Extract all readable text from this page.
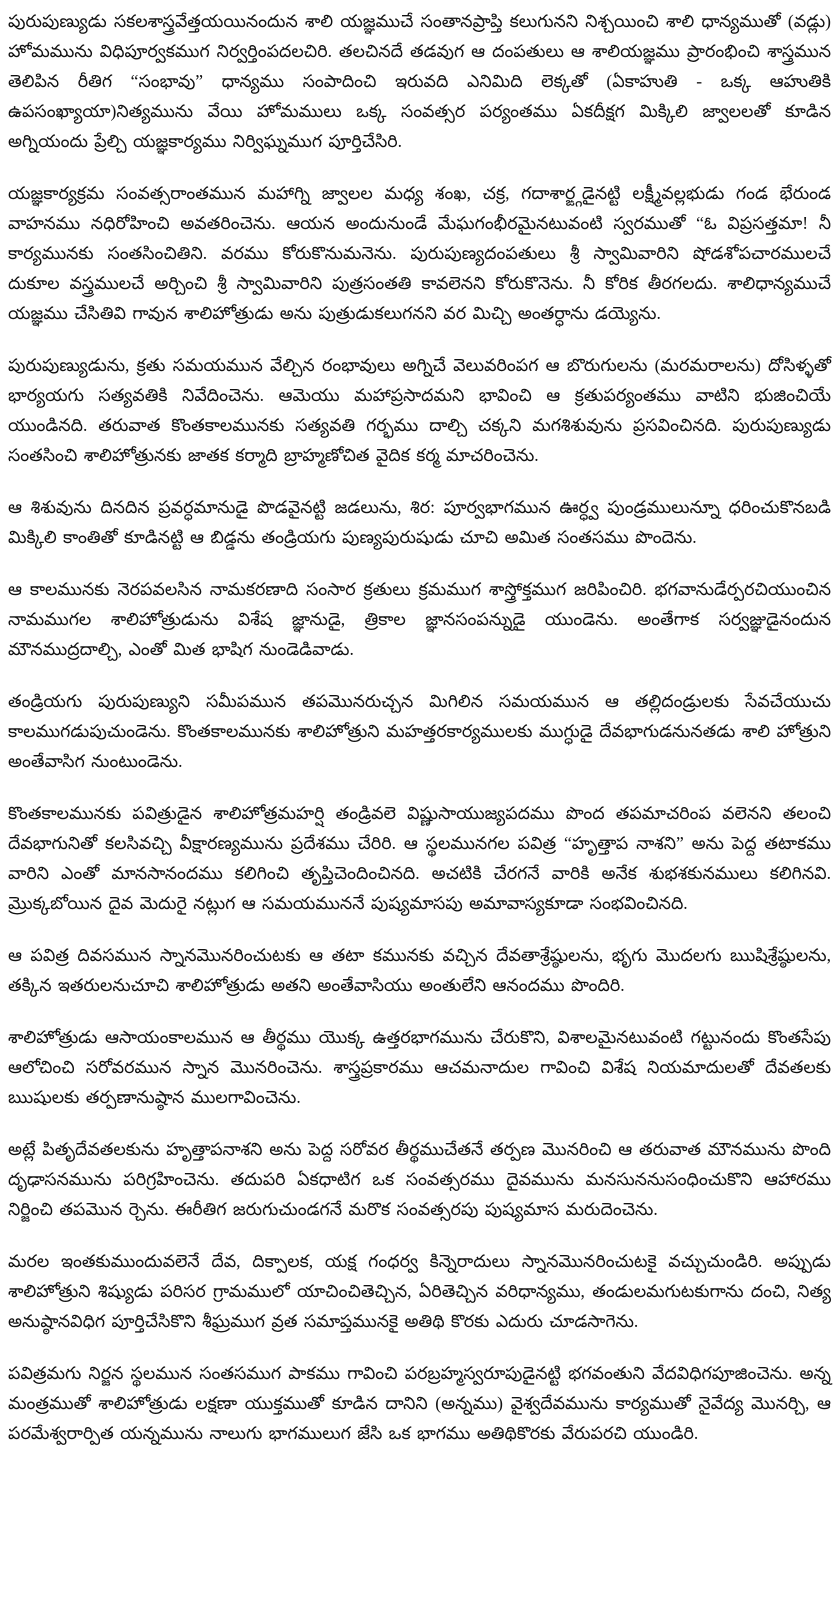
పురుపుణ్యుడు సకలశాస్త్రవేత్తయయినందున శాలి యజ్ఞముచే సంతానప్రాప్తి కలుగునని నిశ్చయించి శాలి ధాన్యముతో (వడ్లు) హోమమును విధిపూర్వకముగ నిర్వర్తింపదలచిరి. తలచినదే తడవుగ ఆ దంపతులు ఆ శాలియజ్ఞము ప్రారంభించి శాస్త్రమున తెలిపిన రీతిగ “సంభావు” ధాన్యము సంపాదించి ఇరువది ఎనిమిది లెక్కతో (ఏకాహుతి - ఒక్క ఆహుతికి ఉపసంఖ్యాయా)నిత్యమును వేయి హోమములు ఒక్క సంవత్సర పర్యంతము ఏకదీక్షగ మిక్కిలి జ్వాలలతో కూడిన అగ్నియందు ప్రేల్చి యజ్ఞకార్యము నిర్విఘ్నముగ పూర్తిచేసిరి.

యజ్ఞకార్యక్రమ సంవత్సరాంతమున మహాగ్ని జ్వాలల మధ్య శంఖ, చక్ర, గదాశార్ఙ్గడైనట్టి లక్ష్మీవల్లభుడు గండ భేరుండ వాహనము నధిరోహించి అవతరించెను. ఆయన అందునుండే మేఘగంభీరమైనటువంటి స్వరముతో “ఓ విప్రసత్తమా! నీ కార్యమునకు సంతసించితిని. వరము కోరుకొనుమనెను. పురుపుణ్యదంపతులు శ్రీ స్వామివారిని షోడశోపచారములచే దుకూల వస్త్రములచే అర్చించి శ్రీ స్వామివారిని పుత్రసంతతి కావలెనని కోరుకొనెను. నీ కోరిక తీరగలదు. శాలిధాన్యముచే యజ్ఞము చేసితివి గావున శాలిహోత్రుడు అను పుత్రుడుకలుగనని వర మిచ్చి అంతర్ధాను డయ్యెను.

పురుపుణ్యుడును, క్రతు సమయమున వేల్చిన రంభావులు అగ్నిచే వెలువరింపగ ఆ బొరుగులను (మరమరాలను) దోసిళ్ళతో భార్యయగు సత్యవతికి నివేదించెను. ఆమెయు మహాప్రసాదమని భావించి ఆ క్రతుపర్యంతము వాటిని భుజించియే యుండినది. తరువాత కొంతకాలమునకు సత్యవతి గర్భము దాల్చి చక్కని మగశిశువును ప్రసవించినది. పురుపుణ్యుడు సంతసించి శాలిహోత్రునకు జాతక కర్మాది బ్రాహ్మణోచిత వైదిక కర్మ మాచరించెను.

ఆ శిశువును దినదిన ప్రవర్ధమానుడై పొడవైనట్టి జడలును, శిర: పూర్వభాగమున ఊర్ధ్వ పుండ్రములున్నూ ధరించుకొనబడి మిక్కిలి కాంతితో కూడినట్టి ఆ బిడ్డను తండ్రియగు పుణ్యపురుషుడు చూచి అమిత సంతసము పొందెను.

ఆ కాలమునకు నెరపవలసిన నామకరణాది సంసార క్రతులు క్రమముగ శాస్త్రోక్తముగ జరిపించిరి. భగవానుడేర్పరచియుంచిన నామముగల శాలిహోత్రుడును విశేష జ్ఞానుడై, త్రికాల జ్ఞానసంపన్నుడై యుండెను. అంతేగాక సర్వజ్ఞుడైనందున మౌనముద్రదాల్చి, ఎంతో మిత భాషిగ నుండెడివాడు.

తండ్రియగు పురుపుణ్యుని సమీపమున తపమొనరుచ్చన మిగిలిన సమయమున ఆ తల్లిదండ్రులకు సేవచేయుచు కాలముగడుపుచుండెను. కొంతకాలమునకు శాలిహోత్రుని మహత్తరకార్యములకు ముగ్ధుడై దేవభాగుడనునతడు శాలి హోత్రుని అంతేవాసిగ నుంటుండెను.

కొంతకాలమునకు పవిత్రుడైన శాలిహోత్రమహర్షి తండ్రివలె విష్ణుసాయుజ్యపదము పొంద తపమాచరింప వలెనని తలంచి దేవభాగునితో కలసివచ్చి వీక్షారణ్యమును ప్రదేశము చేరిరి. ఆ స్థలమునగల పవిత్ర “హృత్తాప నాశని” అను పెద్ద తటాకము వారిని ఎంతో మానసానందము కలిగించి తృప్తిచెందించినది. అచటికి చేరగనే వారికి అనేక శుభశకునములు కలిగినవి. మ్రొక్కబోయిన దైవ మెదురై నట్లుగ ఆ సమయముననే పుష్యమాసపు అమావాస్యకూడా సంభవించినది.

ఆ పవిత్ర దివసమున స్నానమొనరించుటకు ఆ తటా కమునకు వచ్చిన దేవతాశ్రేష్ఠులను, భృగు మొదలగు ఋషిశ్రేష్ఠులను, తక్కిన ఇతరులనుచూచి శాలిహోత్రుడు అతని అంతేవాసియు అంతులేని ఆనందము పొందిరి.

శాలిహోత్రుడు ఆసాయంకాలమున ఆ తీర్థము యొక్క ఉత్తరభాగమును చేరుకొని, విశాలమైనటువంటి గట్టునందు కొంతసేపు ఆలోచించి సరోవరమున స్నాన మొనరించెను. శాస్త్రప్రకారము ఆచమనాదుల గావించి విశేష నియమాదులతో దేవతలకు ఋషులకు తర్పణానుష్ఠాన ములగావించెను.

అట్లే పితృదేవతలకును హృత్తాపనాశని అను పెద్ద సరోవర తీర్థముచేతనే తర్పణ మొనరించి ఆ తరువాత మౌనమును పొంది దృఢాసనమును పరిగ్రహించెను. తదుపరి ఏకధాటిగ ఒక సంవత్సరము దైవమును మనసుననుసంధించుకొని ఆహారము నిర్జించి తపమొన ర్చెను. ఈరీతిగ జరుగుచుండగనే మరొక సంవత్సరపు పుష్యమాస మరుదెంచెను.

మరల ఇంతకుముందువలెనే దేవ, దిక్పాలక, యక్ష గంధర్వ కిన్నెరాదులు స్నానమొనరించుటకై వచ్చుచుండిరి. అప్పుడు శాలిహోత్రుని శిష్యుడు పరిసర గ్రామములో యాచించితెచ్చిన, ఏరితెచ్చిన వరిధాన్యము, తండులమగుటకుగాను దంచి, నిత్య అనుష్ఠానవిధిగ పూర్తిచేసికొని శీఘ్రముగ వ్రత సమాప్తమునకై అతిథి కొరకు ఎదురు చూడసాగెను.

పవిత్రమగు నిర్జన స్థలమున సంతసముగ పాకము గావించి పరబ్రహ్మస్వరూపుడైనట్టి భగవంతుని వేదవిధిగపూజించెను. అన్న మంత్రముతో శాలిహోత్రుడు లక్షణా యుక్తముతో కూడిన దానిని (అన్నము) వైశ్వదేవమును కార్యముతో నైవేద్య మొనర్చి, ఆ పరమేశ్వరార్పిత యన్నమును నాలుగు భాగములుగ జేసి ఒక భాగము అతిథికొరకు వేరుపరచి యుండిరి.
